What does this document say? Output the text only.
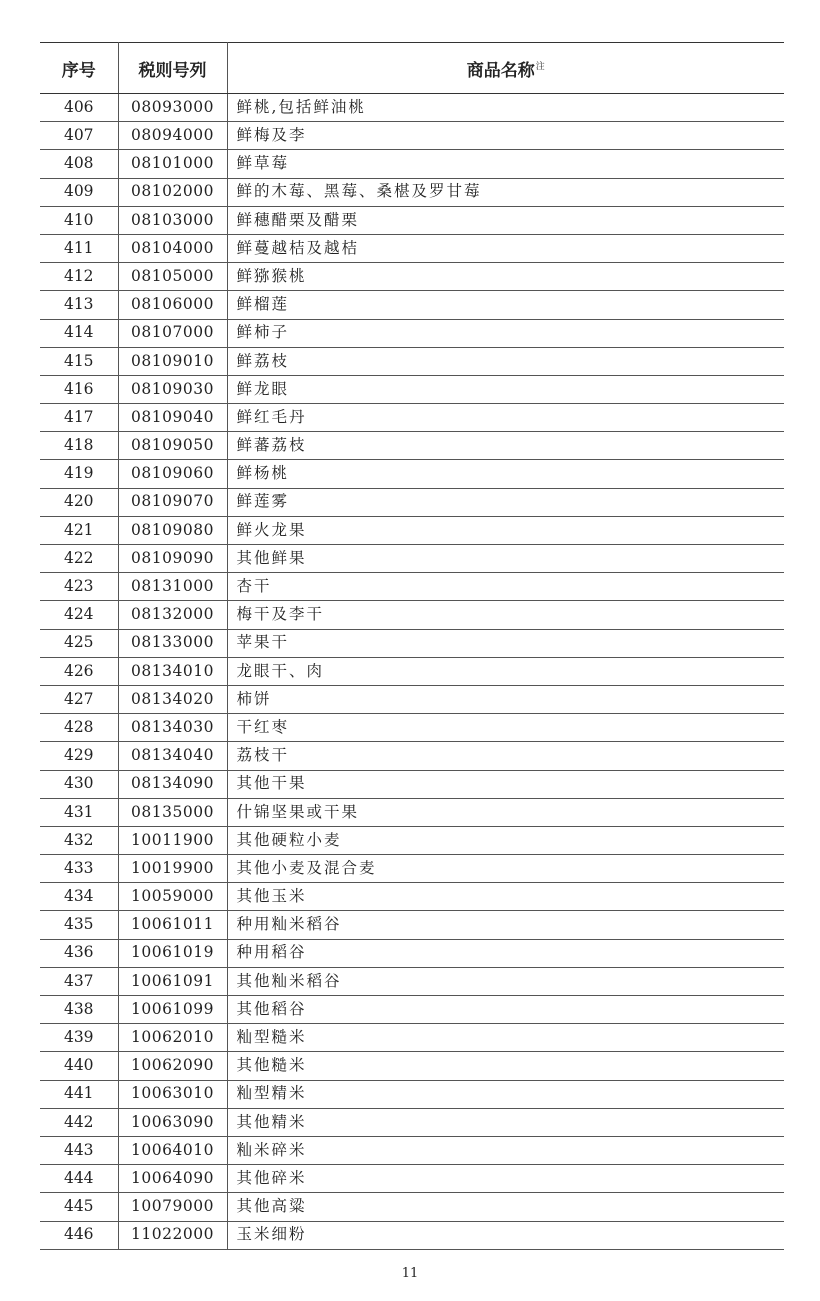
序号	税则号列	商品名称$^注$
406	08093000	鲜桃,包括鲜油桃
407	08094000	鲜梅及李
408	08101000	鲜草莓
409	08102000	鲜的木莓、黑莓、桑椹及罗甘莓
410	08103000	鲜穗醋栗及醋栗
411	08104000	鲜蔓越桔及越桔
412	08105000	鲜猕猴桃
413	08106000	鲜榴莲
414	08107000	鲜柿子
415	08109010	鲜荔枝
416	08109030	鲜龙眼
417	08109040	鲜红毛丹
418	08109050	鲜蕃荔枝
419	08109060	鲜杨桃
420	08109070	鲜莲雾
421	08109080	鲜火龙果
422	08109090	其他鲜果
423	08131000	杏干
424	08132000	梅干及李干
425	08133000	苹果干
426	08134010	龙眼干、肉
427	08134020	柿饼
428	08134030	干红枣
429	08134040	荔枝干
430	08134090	其他干果
431	08135000	什锦坚果或干果
432	10011900	其他硬粒小麦
433	10019900	其他小麦及混合麦
434	10059000	其他玉米
435	10061011	种用籼米稻谷
436	10061019	种用稻谷
437	10061091	其他籼米稻谷
438	10061099	其他稻谷
439	10062010	籼型糙米
440	10062090	其他糙米
441	10063010	籼型精米
442	10063090	其他精米
443	10064010	籼米碎米
444	10064090	其他碎米
445	10079000	其他高粱
446	11022000	玉米细粉
11
